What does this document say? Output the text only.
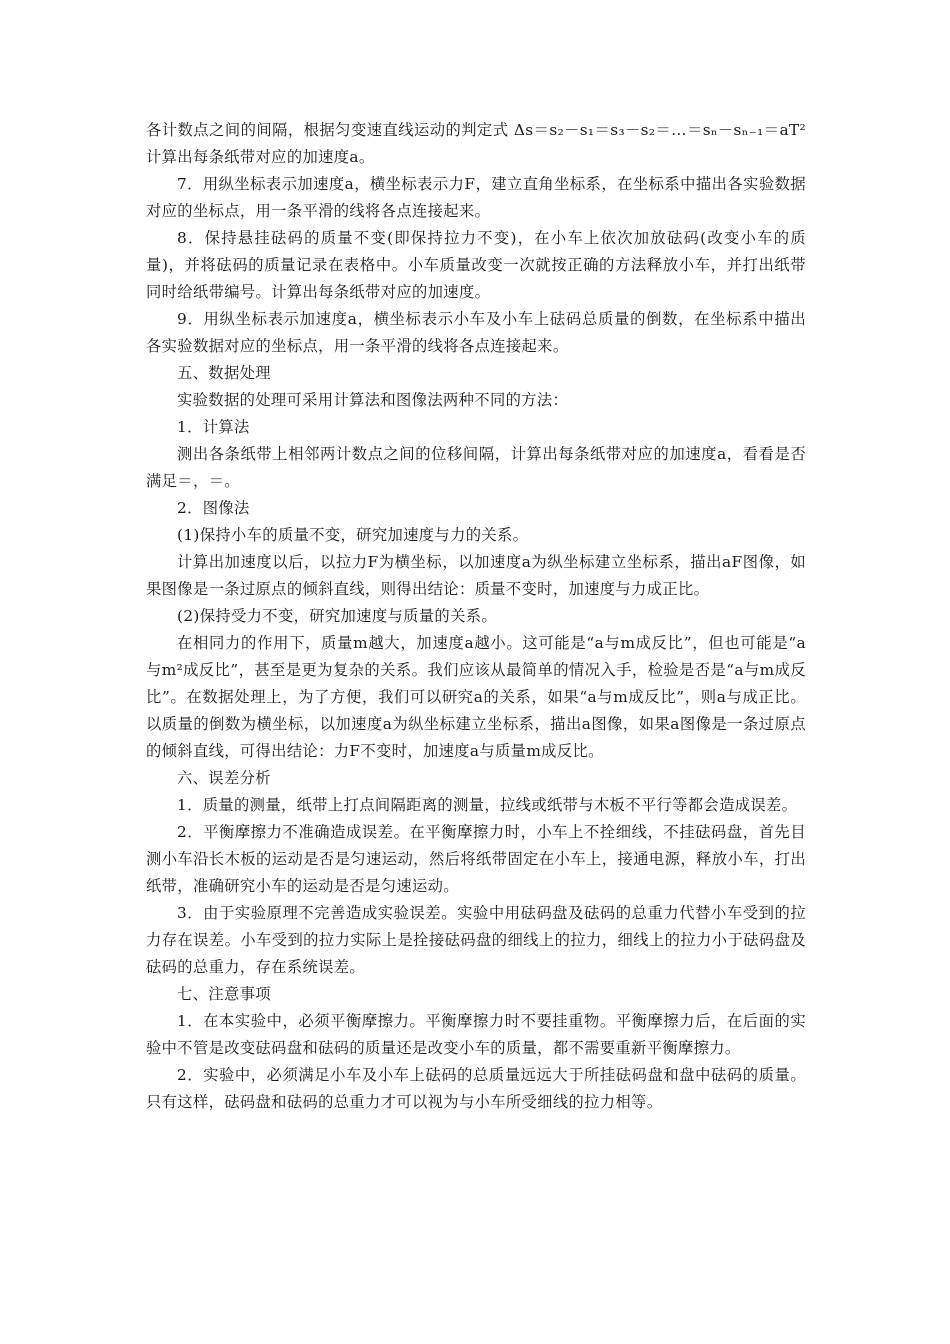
各计数点之间的间隔，根据匀变速直线运动的判定式 Δs＝s₂－s₁＝s₃－s₂＝…＝sₙ－sₙ₋₁＝aT²计算出每条纸带对应的加速度a。

7．用纵坐标表示加速度a，横坐标表示力F，建立直角坐标系，在坐标系中描出各实验数据对应的坐标点，用一条平滑的线将各点连接起来。

8．保持悬挂砝码的质量不变(即保持拉力不变)，在小车上依次加放砝码(改变小车的质量)，并将砝码的质量记录在表格中。小车质量改变一次就按正确的方法释放小车，并打出纸带同时给纸带编号。计算出每条纸带对应的加速度。

9．用纵坐标表示加速度a，横坐标表示小车及小车上砝码总质量的倒数，在坐标系中描出各实验数据对应的坐标点，用一条平滑的线将各点连接起来。

五、数据处理

实验数据的处理可采用计算法和图像法两种不同的方法：

1．计算法

测出各条纸带上相邻两计数点之间的位移间隔，计算出每条纸带对应的加速度a，看看是否满足＝，＝。

2．图像法

(1)保持小车的质量不变，研究加速度与力的关系。

计算出加速度以后，以拉力F为横坐标，以加速度a为纵坐标建立坐标系，描出aF图像，如果图像是一条过原点的倾斜直线，则得出结论：质量不变时，加速度与力成正比。

(2)保持受力不变，研究加速度与质量的关系。

在相同力的作用下，质量m越大，加速度a越小。这可能是“a与m成反比”，但也可能是“a与m²成反比”，甚至是更为复杂的关系。我们应该从最简单的情况入手，检验是否是“a与m成反比”。在数据处理上，为了方便，我们可以研究a的关系，如果“a与m成反比”，则a与成正比。以质量的倒数为横坐标，以加速度a为纵坐标建立坐标系，描出a图像，如果a图像是一条过原点的倾斜直线，可得出结论：力F不变时，加速度a与质量m成反比。

六、误差分析

1．质量的测量，纸带上打点间隔距离的测量，拉线或纸带与木板不平行等都会造成误差。

2．平衡摩擦力不准确造成误差。在平衡摩擦力时，小车上不拴细线，不挂砝码盘，首先目测小车沿长木板的运动是否是匀速运动，然后将纸带固定在小车上，接通电源，释放小车，打出纸带，准确研究小车的运动是否是匀速运动。

3．由于实验原理不完善造成实验误差。实验中用砝码盘及砝码的总重力代替小车受到的拉力存在误差。小车受到的拉力实际上是拴接砝码盘的细线上的拉力，细线上的拉力小于砝码盘及砝码的总重力，存在系统误差。

七、注意事项

1．在本实验中，必须平衡摩擦力。平衡摩擦力时不要挂重物。平衡摩擦力后，在后面的实验中不管是改变砝码盘和砝码的质量还是改变小车的质量，都不需要重新平衡摩擦力。

2．实验中，必须满足小车及小车上砝码的总质量远远大于所挂砝码盘和盘中砝码的质量。只有这样，砝码盘和砝码的总重力才可以视为与小车所受细线的拉力相等。
